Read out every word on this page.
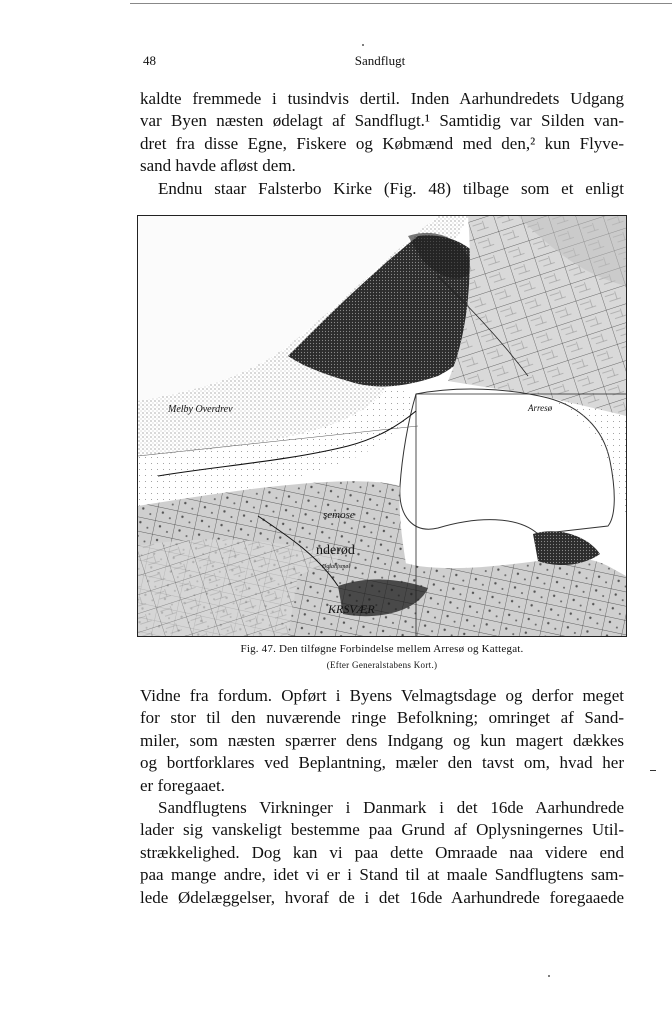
48	Sandflugt
kaldte fremmede i tusindvis dertil. Inden Aarhundredets Udgang
var Byen næsten ødelagt af Sandflugt.¹ Samtidig var Silden van-
dret fra disse Egne, Fiskere og Købmænd med den,² kun Flyve-
sand havde afløst dem.
Endnu staar Falsterbo Kirke (Fig. 48) tilbage som et enligt
Melby Overdrev	Arresø
semose
nderød
Øglahjsmøl
KRSVÆR
Fig. 47. Den tilføgne Forbindelse mellem Arresø og Kattegat.
(Efter Generalstabens Kort.)
Vidne fra fordum. Opført i Byens Velmagtsdage og derfor meget
for stor til den nuværende ringe Befolkning; omringet af Sand-
miler, som næsten spærrer dens Indgang og kun magert dækkes
og bortforklares ved Beplantning, mæler den tavst om, hvad her
er foregaaet.
Sandflugtens Virkninger i Danmark i det 16de Aarhundrede
lader sig vanskeligt bestemme paa Grund af Oplysningernes Util-
strækkelighed. Dog kan vi paa dette Omraade naa videre end
paa mange andre, idet vi er i Stand til at maale Sandflugtens sam-
lede Ødelæggelser, hvoraf de i det 16de Aarhundrede foregaaede
